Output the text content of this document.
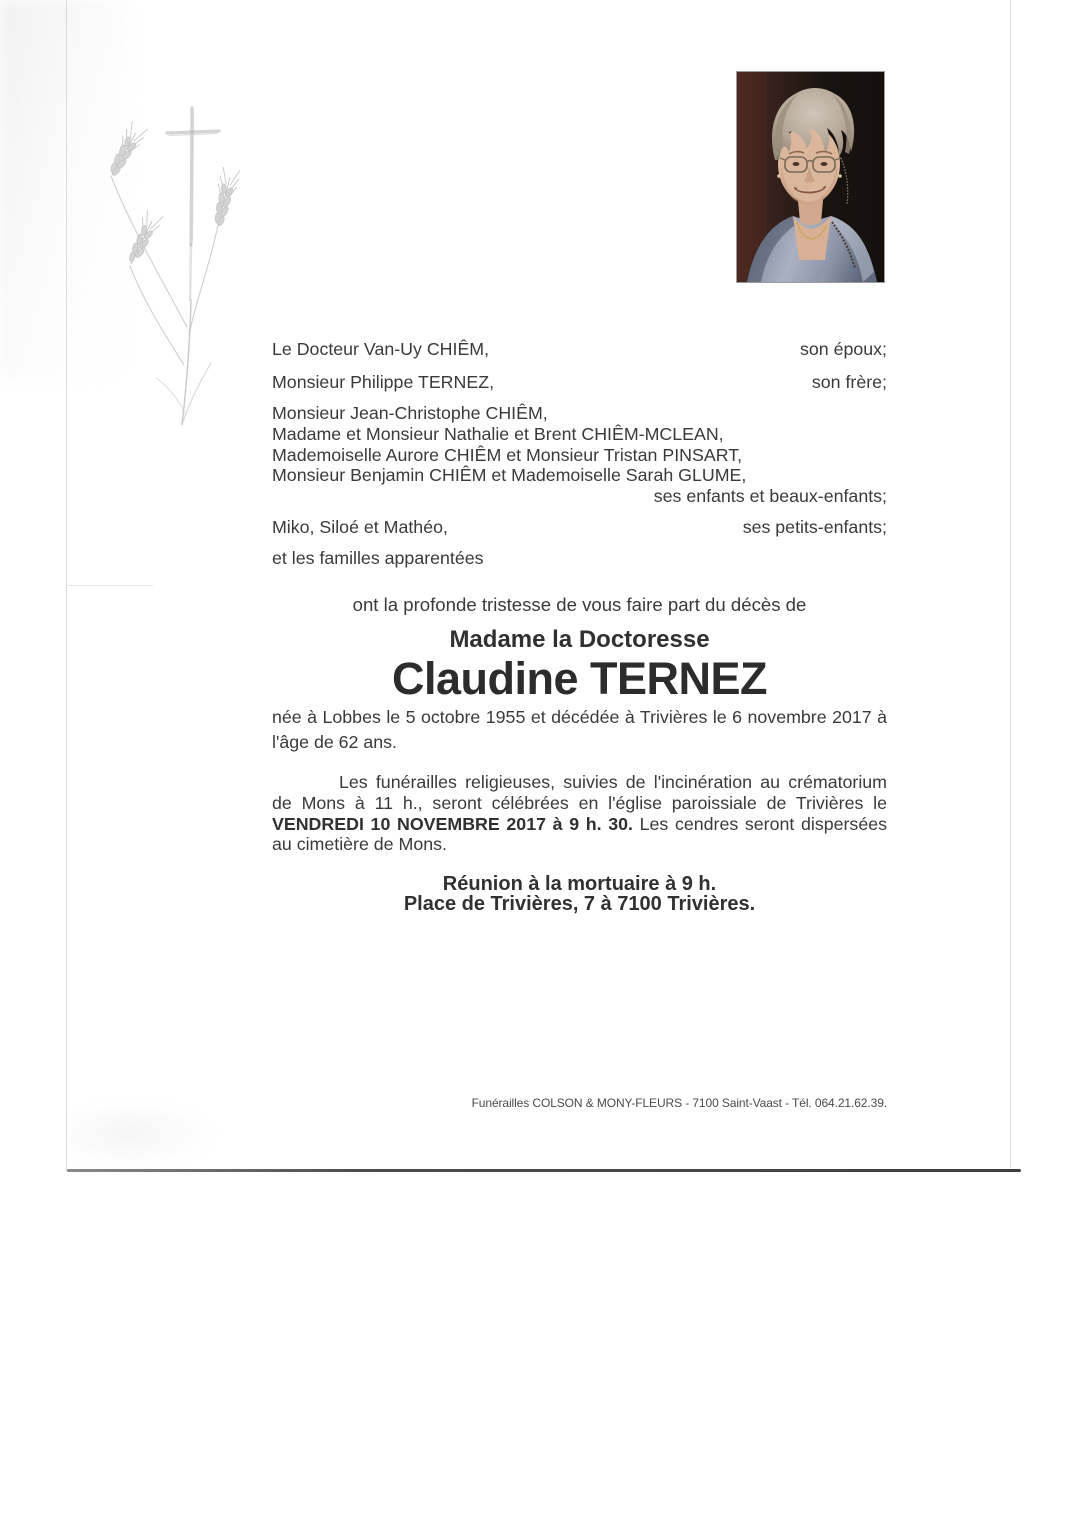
Le Docteur Van-Uy CHIÊM,	son époux;
Monsieur Philippe TERNEZ,	son frère;
Monsieur Jean-Christophe CHIÊM,
Madame et Monsieur Nathalie et Brent CHIÊM-MCLEAN,
Mademoiselle Aurore CHIÊM et Monsieur Tristan PINSART,
Monsieur Benjamin CHIÊM et Mademoiselle Sarah GLUME,
ses enfants et beaux-enfants;
Miko, Siloé et Mathéo,	ses petits-enfants;
et les familles apparentées
ont la profonde tristesse de vous faire part du décès de
Madame la Doctoresse
Claudine TERNEZ
née à Lobbes le 5 octobre 1955 et décédée à Trivières le 6 novembre 2017 à l'âge de 62 ans.
Les funérailles religieuses, suivies de l'incinération au crématorium de Mons à 11 h., seront célébrées en l'église paroissiale de Trivières le VENDREDI 10 NOVEMBRE 2017 à 9 h. 30. Les cendres seront dispersées au cimetière de Mons.
Réunion à la mortuaire à 9 h.
Place de Trivières, 7 à 7100 Trivières.
Funérailles COLSON & MONY-FLEURS - 7100 Saint-Vaast - Tél. 064.21.62.39.
